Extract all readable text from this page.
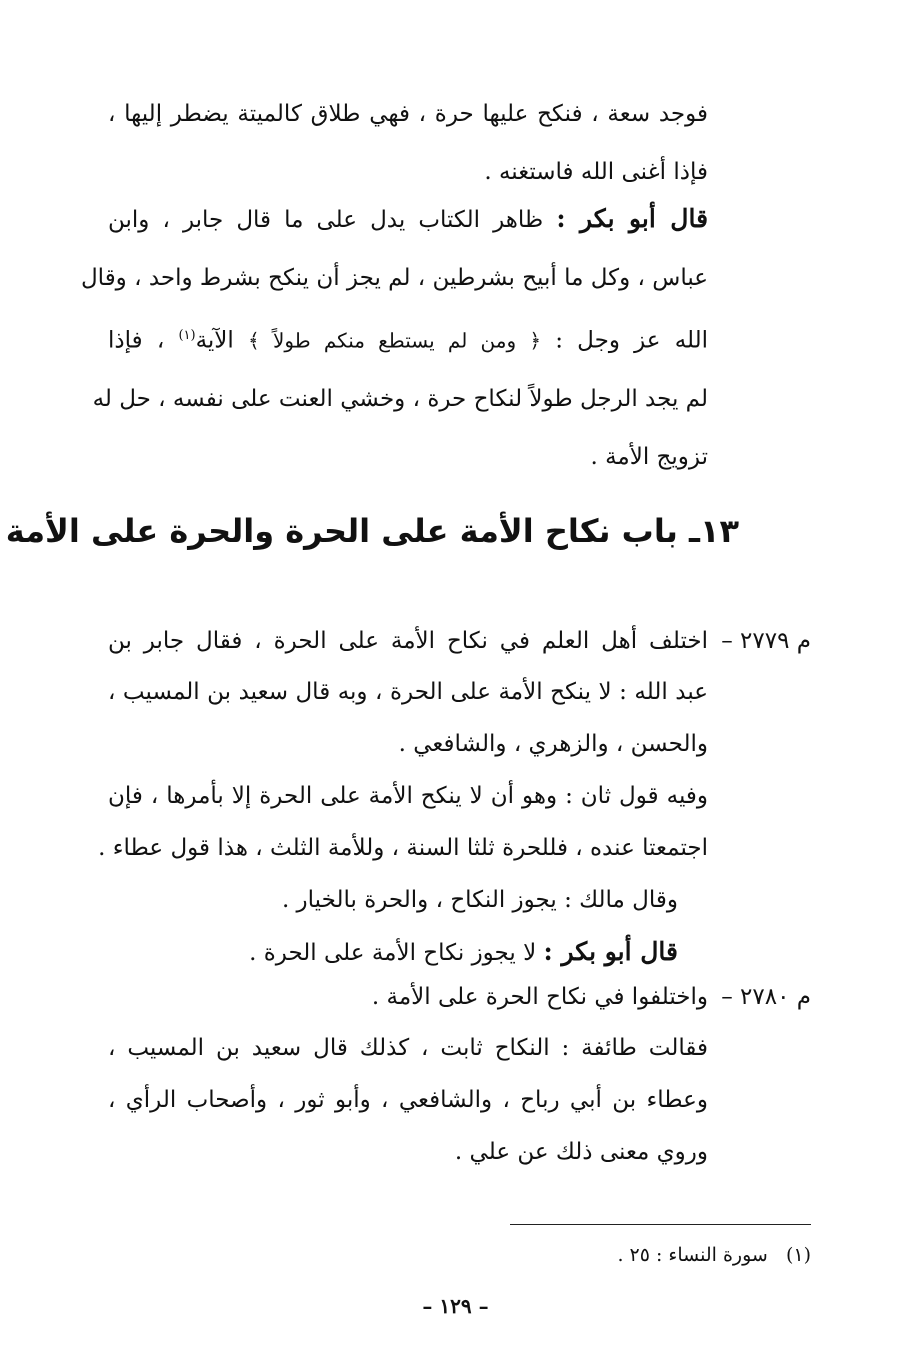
فوجد سعة ، فنكح عليها حرة ، فهي طلاق كالميتة يضطر إليها ،
فإذا أغنى الله فاستغنه .
قال أبو بكر : ظاهر الكتاب يدل على ما قال جابر ، وابن
عباس ، وكل ما أبيح بشرطين ، لم يجز أن ينكح بشرط واحد ، وقال
الله عز وجل : ﴿ ومن لم يستطع منكم طولاً ﴾ الآية$^{(١)}$ ، فإذا
لم يجد الرجل طولاً لنكاح حرة ، وخشي العنت على نفسه ، حل له
تزويج الأمة .
١٣ـ باب نكاح الأمة على الحرة والحرة على الأمة
م ٢٧٧٩ –
اختلف أهل العلم في نكاح الأمة على الحرة ، فقال جابر بن
عبد الله : لا ينكح الأمة على الحرة ، وبه قال سعيد بن المسيب ،
والحسن ، والزهري ، والشافعي .
وفيه قول ثان : وهو أن لا ينكح الأمة على الحرة إلا بأمرها ، فإن
اجتمعتا عنده ، فللحرة ثلثا السنة ، وللأمة الثلث ، هذا قول عطاء .
وقال مالك : يجوز النكاح ، والحرة بالخيار .
قال أبو بكر : لا يجوز نكاح الأمة على الحرة .
م ٢٧٨٠ –
واختلفوا في نكاح الحرة على الأمة .
فقالت طائفة : النكاح ثابت ، كذلك قال سعيد بن المسيب ،
وعطاء بن أبي رباح ، والشافعي ، وأبو ثور ، وأصحاب الرأي ،
وروي معنى ذلك عن علي .
(١)   سورة النساء : ٢٥ .
– ١٢٩ –
